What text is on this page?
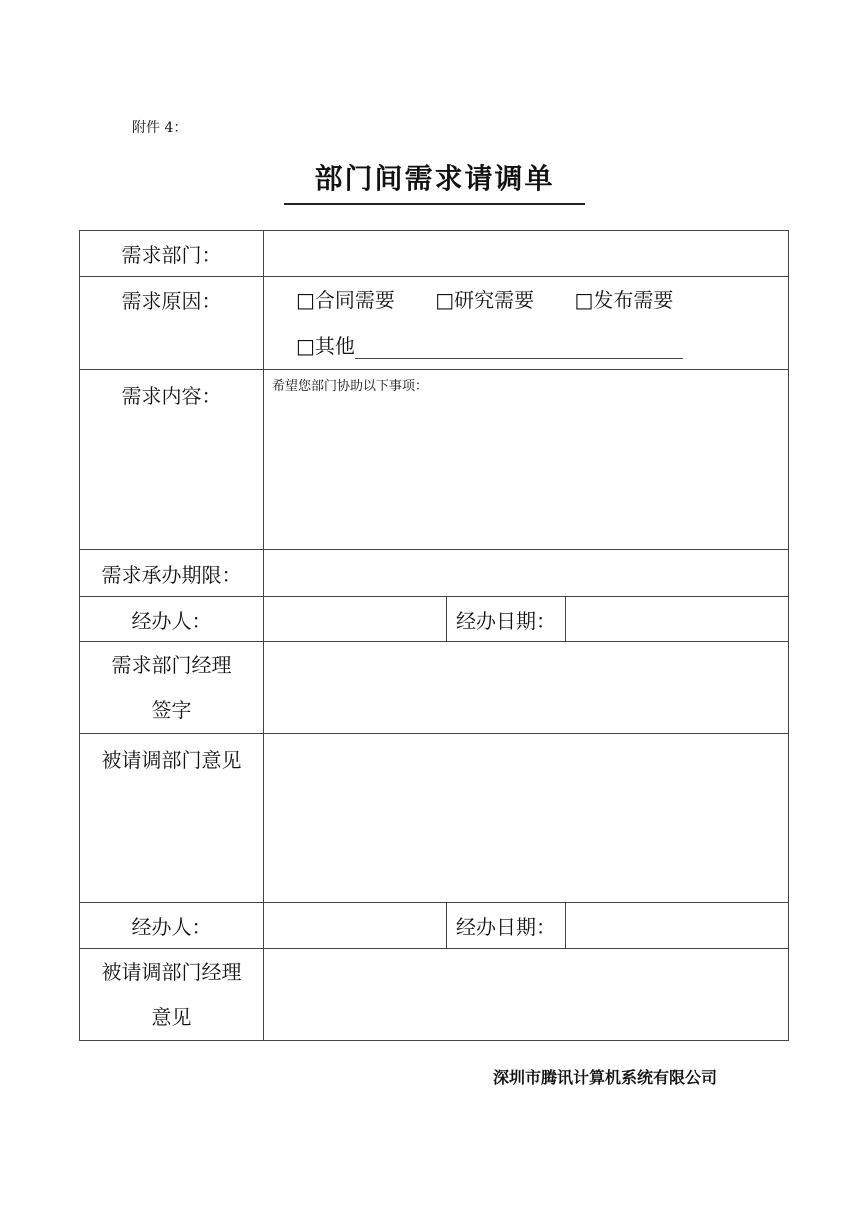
附件 4：
部门间需求请调单
需求部门：			
需求原因：	□合同需要 □研究需要 □发布需要
□其他		

需求内容：	希望您部门协助以下事项：		
需求承办期限：			
经办人：		经办日期：	

需求部门经理
签字			

被请调部门意见			
经办人：		经办日期：	

被请调部门经理
意见			

深圳市腾讯计算机系统有限公司
